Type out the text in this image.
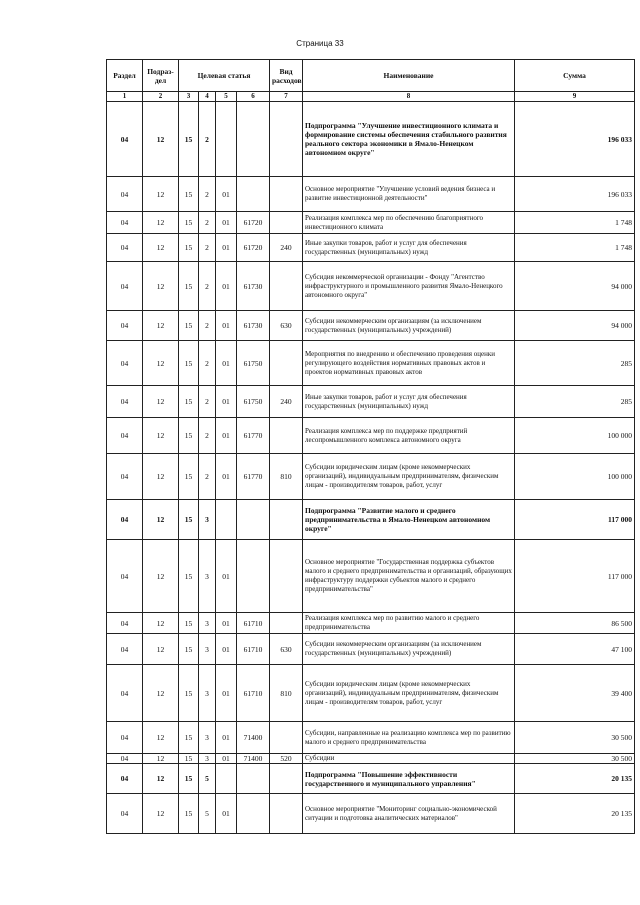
Страница 33
Раздел	Подраз-дел	Целевая статья				Вид расходов	Наименование	Сумма
1	2	3	4	5	6	7	8	9
04	12	15	2				Подпрограмма "Улучшение инвестиционного климата и формирование системы обеспечения стабильного развития реального сектора экономики в Ямало-Ненецком автономном округе"	196 033
04	12	15	2	01			Основное мероприятие "Улучшение условий ведения бизнеса и развитие инвестиционной деятельности"	196 033
04	12	15	2	01	61720		Реализация комплекса мер по обеспечению благоприятного инвестиционного климата	1 748
04	12	15	2	01	61720	240	Иные закупки товаров, работ и услуг для обеспечения государственных (муниципальных) нужд	1 748
04	12	15	2	01	61730		Субсидия некоммерческой организации - Фонду "Агентство инфраструктурного и промышленного развития Ямало-Ненецкого автономного округа"	94 000
04	12	15	2	01	61730	630	Субсидии некоммерческим организациям (за исключением государственных (муниципальных) учреждений)	94 000
04	12	15	2	01	61750		Мероприятия по внедрению и обеспечению проведения оценки регулирующего воздействия нормативных правовых актов и проектов нормативных правовых актов	285
04	12	15	2	01	61750	240	Иные закупки товаров, работ и услуг для обеспечения государственных (муниципальных) нужд	285
04	12	15	2	01	61770		Реализация комплекса мер по поддержке предприятий лесопромышленного комплекса автономного округа	100 000
04	12	15	2	01	61770	810	Субсидии юридическим лицам (кроме некоммерческих организаций), индивидуальным предпринимателям, физическим лицам - производителям товаров, работ, услуг	100 000
04	12	15	3				Подпрограмма "Развитие малого и среднего предпринимательства в Ямало-Ненецком автономном округе"	117 000
04	12	15	3	01			Основное мероприятие "Государственная поддержка субъектов малого и среднего предпринимательства и организаций, образующих инфраструктуру поддержки субъектов малого и среднего предпринимательства"	117 000
04	12	15	3	01	61710		Реализация комплекса мер по развитию малого и среднего предпринимательства	86 500
04	12	15	3	01	61710	630	Субсидии некоммерческим организациям (за исключением государственных (муниципальных) учреждений)	47 100
04	12	15	3	01	61710	810	Субсидии юридическим лицам (кроме некоммерческих организаций), индивидуальным предпринимателям, физическим лицам - производителям товаров, работ, услуг	39 400
04	12	15	3	01	71400		Субсидии, направленные на реализацию комплекса мер по развитию малого и среднего предпринимательства	30 500
04	12	15	3	01	71400	520	Субсидии	30 500
04	12	15	5				Подпрограмма "Повышение эффективности государственного и муниципального управления"	20 135
04	12	15	5	01			Основное мероприятие "Мониторинг социально-экономической ситуации и подготовка аналитических материалов"	20 135
